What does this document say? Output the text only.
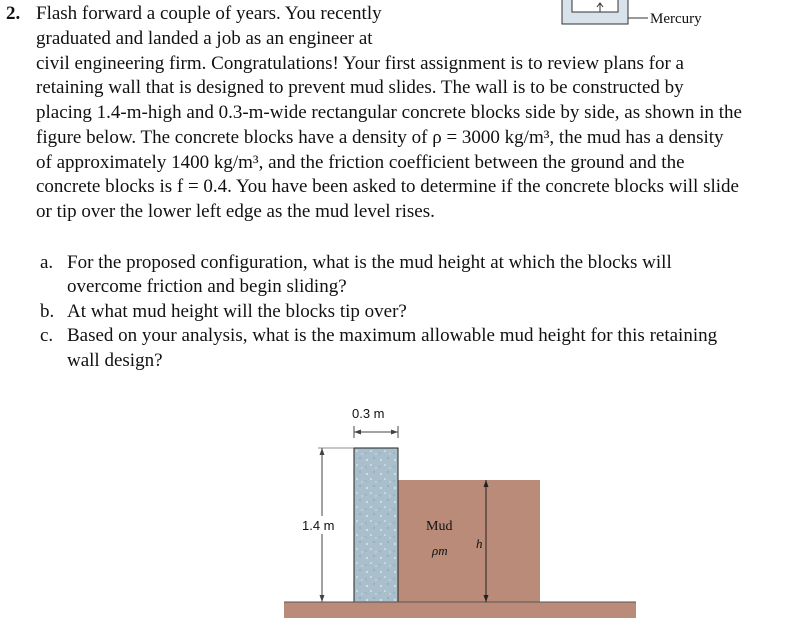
2. Flash forward a couple of years. You recently
graduated and landed a job as an engineer at
civil engineering firm. Congratulations! Your first assignment is to review plans for a
retaining wall that is designed to prevent mud slides. The wall is to be constructed by
placing 1.4-m-high and 0.3-m-wide rectangular concrete blocks side by side, as shown in the
figure below. The concrete blocks have a density of ρ = 3000 kg/m³, the mud has a density
of approximately 1400 kg/m³, and the friction coefficient between the ground and the
concrete blocks is f = 0.4. You have been asked to determine if the concrete blocks will slide
or tip over the lower left edge as the mud level rises.
a. For the proposed configuration, what is the mud height at which the blocks will
overcome friction and begin sliding?
b. At what mud height will the blocks tip over?
c. Based on your analysis, what is the maximum allowable mud height for this retaining
wall design?
Mercury
0.3 m
1.4 m	Mud
ρm h
